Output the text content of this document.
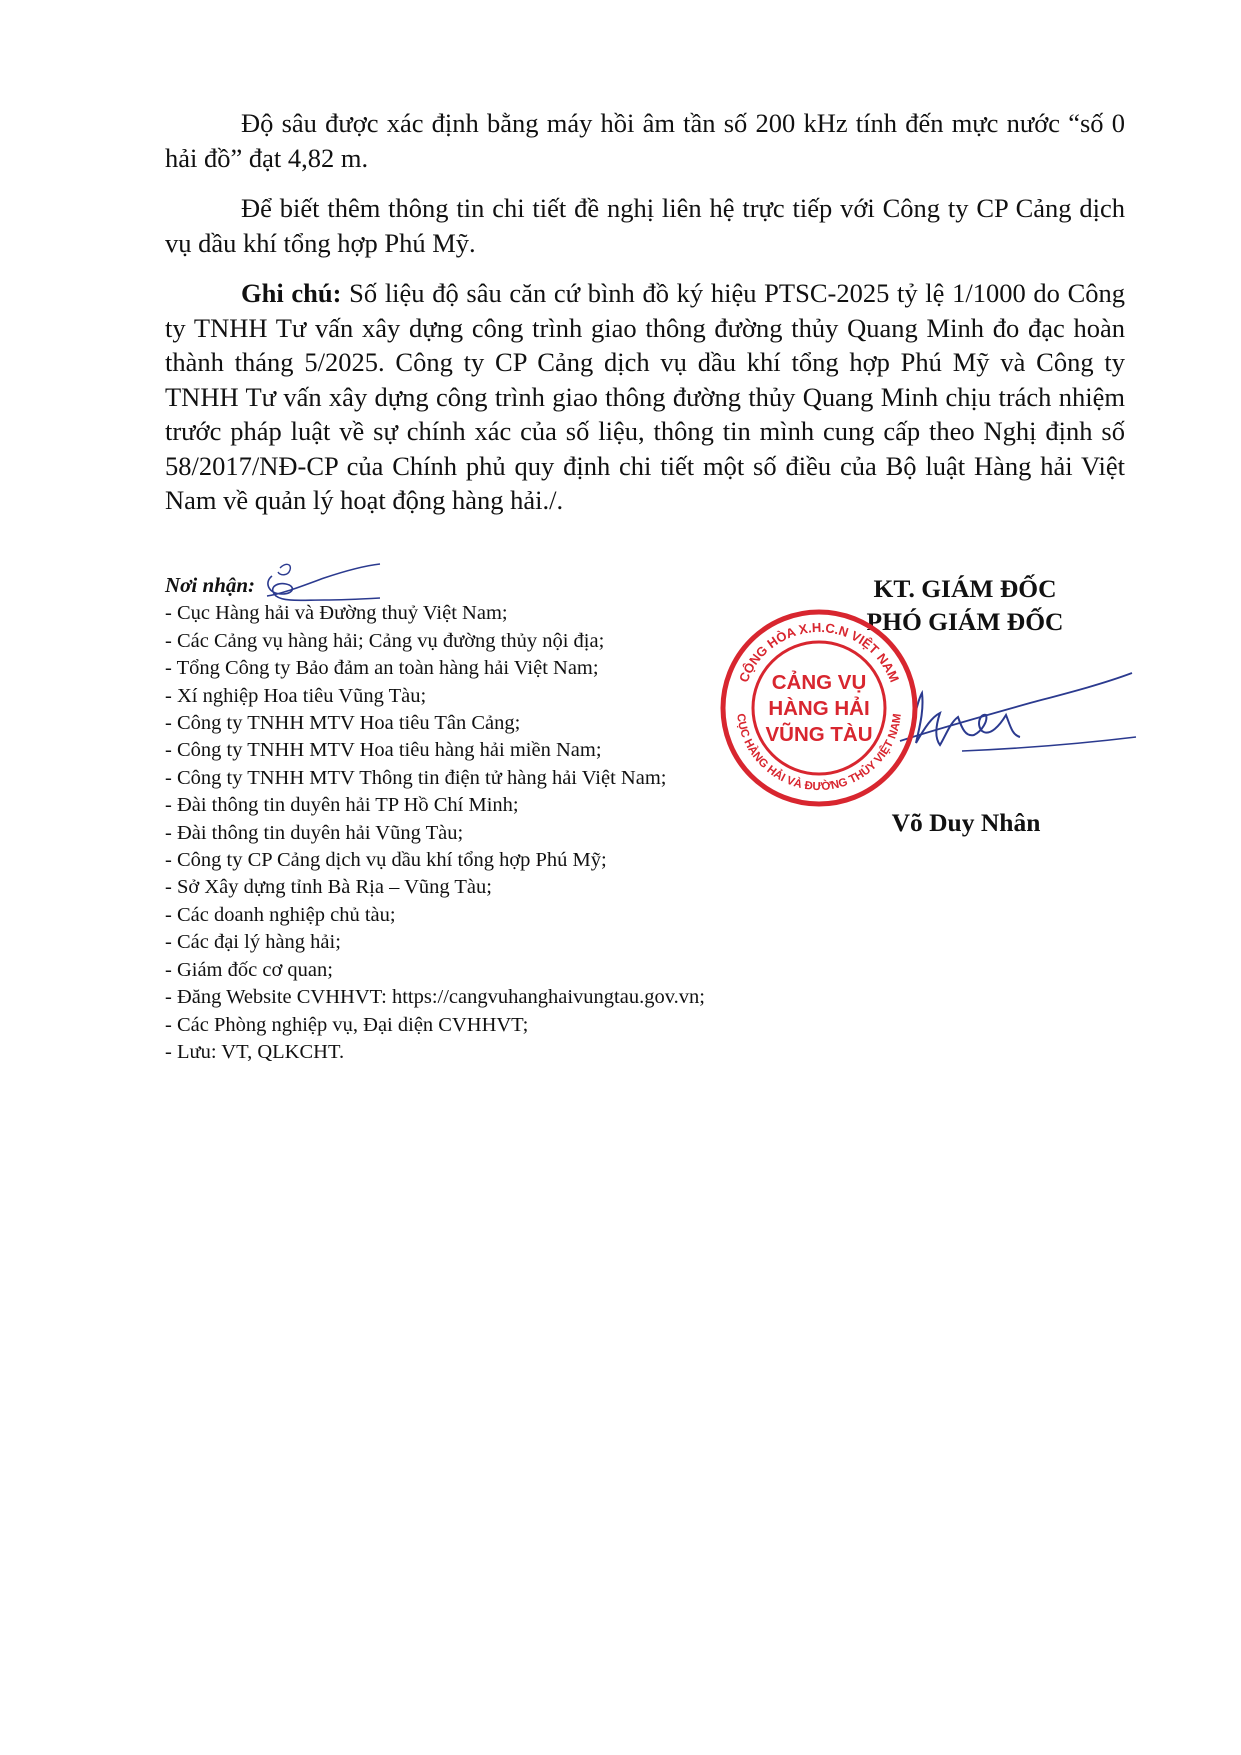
Độ sâu được xác định bằng máy hồi âm tần số 200 kHz tính đến mực nước “số 0 hải đồ” đạt 4,82 m.

Để biết thêm thông tin chi tiết đề nghị liên hệ trực tiếp với Công ty CP Cảng dịch vụ dầu khí tổng hợp Phú Mỹ.

Ghi chú: Số liệu độ sâu căn cứ bình đồ ký hiệu PTSC-2025 tỷ lệ 1/1000 do Công ty TNHH Tư vấn xây dựng công trình giao thông đường thủy Quang Minh đo đạc hoàn thành tháng 5/2025. Công ty CP Cảng dịch vụ dầu khí tổng hợp Phú Mỹ và Công ty TNHH Tư vấn xây dựng công trình giao thông đường thủy Quang Minh chịu trách nhiệm trước pháp luật về sự chính xác của số liệu, thông tin mình cung cấp theo Nghị định số 58/2017/NĐ-CP của Chính phủ quy định chi tiết một số điều của Bộ luật Hàng hải Việt Nam về quản lý hoạt động hàng hải./.

Nơi nhận:
- Cục Hàng hải và Đường thuỷ Việt Nam;
- Các Cảng vụ hàng hải; Cảng vụ đường thủy nội địa;
- Tổng Công ty Bảo đảm an toàn hàng hải Việt Nam;
- Xí nghiệp Hoa tiêu Vũng Tàu;
- Công ty TNHH MTV Hoa tiêu Tân Cảng;
- Công ty TNHH MTV Hoa tiêu hàng hải miền Nam;
- Công ty TNHH MTV Thông tin điện tử hàng hải Việt Nam;
- Đài thông tin duyên hải TP Hồ Chí Minh;
- Đài thông tin duyên hải Vũng Tàu;
- Công ty CP Cảng dịch vụ dầu khí tổng hợp Phú Mỹ;
- Sở Xây dựng tỉnh Bà Rịa – Vũng Tàu;
- Các doanh nghiệp chủ tàu;
- Các đại lý hàng hải;
- Giám đốc cơ quan;
- Đăng Website CVHHVT: https://cangvuhanghaivungtau.gov.vn;
- Các Phòng nghiệp vụ, Đại diện CVHHVT;
- Lưu: VT, QLKCHT.
KT. GIÁM ĐỐC
PHÓ GIÁM ĐỐC
CỘNG HÒA X.H.C.N VIỆT NAM
CỤC HÀNG HẢI VÀ ĐƯỜNG THỦY VIỆT NAM
CẢNG VỤ
HÀNG HẢI
VŨNG TÀU
Võ Duy Nhân
